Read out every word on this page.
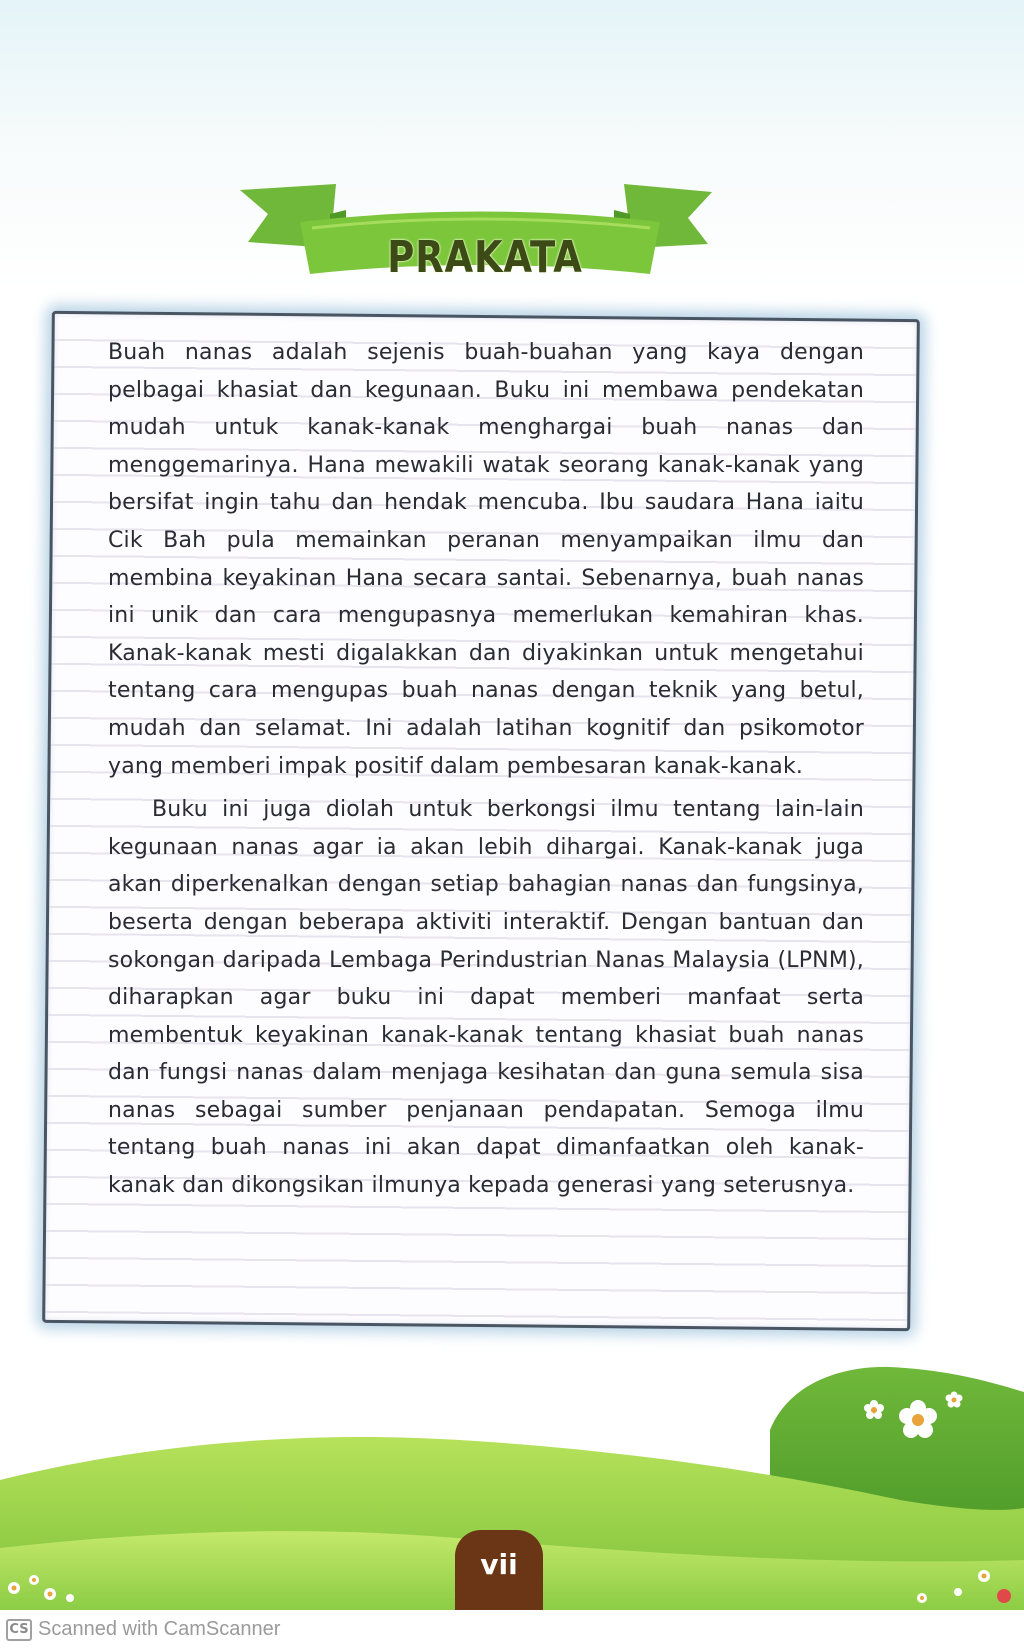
PRAKATA

Buah nanas adalah sejenis buah-buahan yang kaya dengan pelbagai khasiat dan kegunaan. Buku ini membawa pendekatan mudah untuk kanak-kanak menghargai buah nanas dan menggemarinya. Hana mewakili watak seorang kanak-kanak yang bersifat ingin tahu dan hendak mencuba. Ibu saudara Hana iaitu Cik Bah pula memainkan peranan menyampaikan ilmu dan membina keyakinan Hana secara santai. Sebenarnya, buah nanas ini unik dan cara mengupasnya memerlukan kemahiran khas. Kanak-kanak mesti digalakkan dan diyakinkan untuk mengetahui tentang cara mengupas buah nanas dengan teknik yang betul, mudah dan selamat. Ini adalah latihan kognitif dan psikomotor yang memberi impak positif dalam pembesaran kanak-kanak.

Buku ini juga diolah untuk berkongsi ilmu tentang lain-lain kegunaan nanas agar ia akan lebih dihargai. Kanak-kanak juga akan diperkenalkan dengan setiap bahagian nanas dan fungsinya, beserta dengan beberapa aktiviti interaktif. Dengan bantuan dan sokongan daripada Lembaga Perindustrian Nanas Malaysia (LPNM), diharapkan agar buku ini dapat memberi manfaat serta membentuk keyakinan kanak-kanak tentang khasiat buah nanas dan fungsi nanas dalam menjaga kesihatan dan guna semula sisa nanas sebagai sumber penjanaan pendapatan. Semoga ilmu tentang buah nanas ini akan dapat dimanfaatkan oleh kanak-kanak dan dikongsikan ilmunya kepada generasi yang seterusnya.

vii
CS Scanned with CamScanner
